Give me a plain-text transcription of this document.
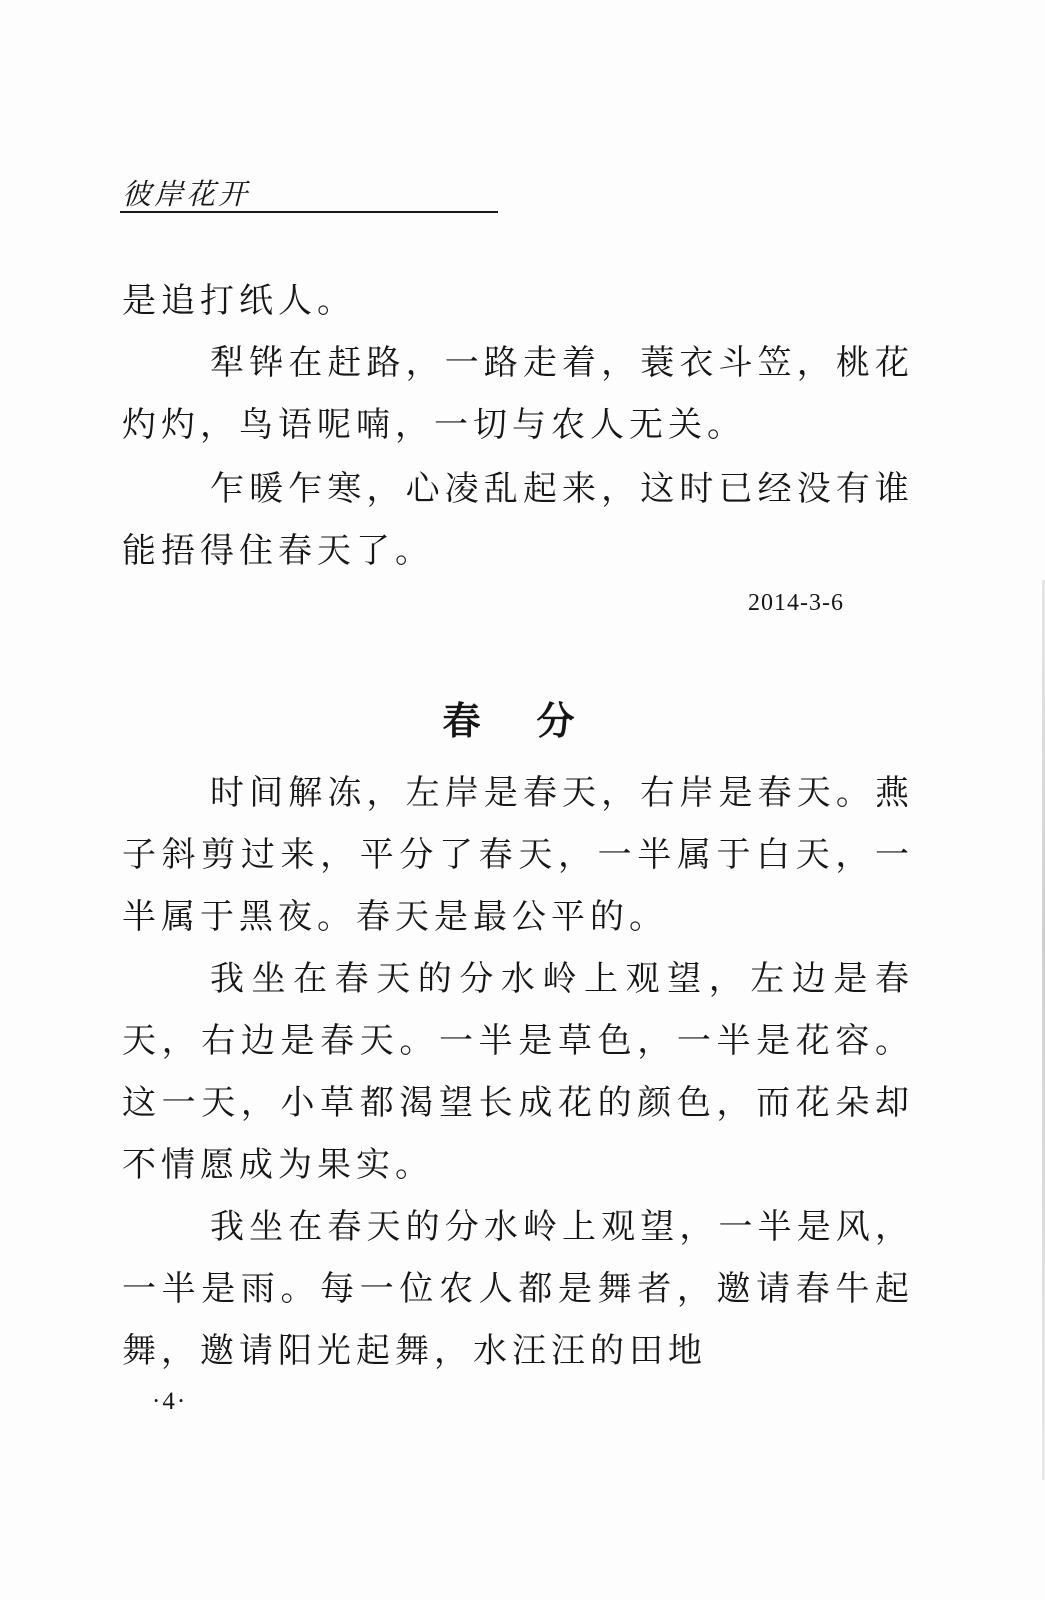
彼岸花开

是追打纸人。

犁铧在赶路，一路走着，蓑衣斗笠，桃花灼灼，鸟语呢喃，一切与农人无关。

乍暖乍寒，心凌乱起来，这时已经没有谁能捂得住春天了。

2014-3-6
春分

时间解冻，左岸是春天，右岸是春天。燕子斜剪过来，平分了春天，一半属于白天，一半属于黑夜。春天是最公平的。

我坐在春天的分水岭上观望，左边是春天，右边是春天。一半是草色，一半是花容。这一天，小草都渴望长成花的颜色，而花朵却不情愿成为果实。

我坐在春天的分水岭上观望，一半是风，一半是雨。每一位农人都是舞者，邀请春牛起舞，邀请阳光起舞，水汪汪的田地

·4·
